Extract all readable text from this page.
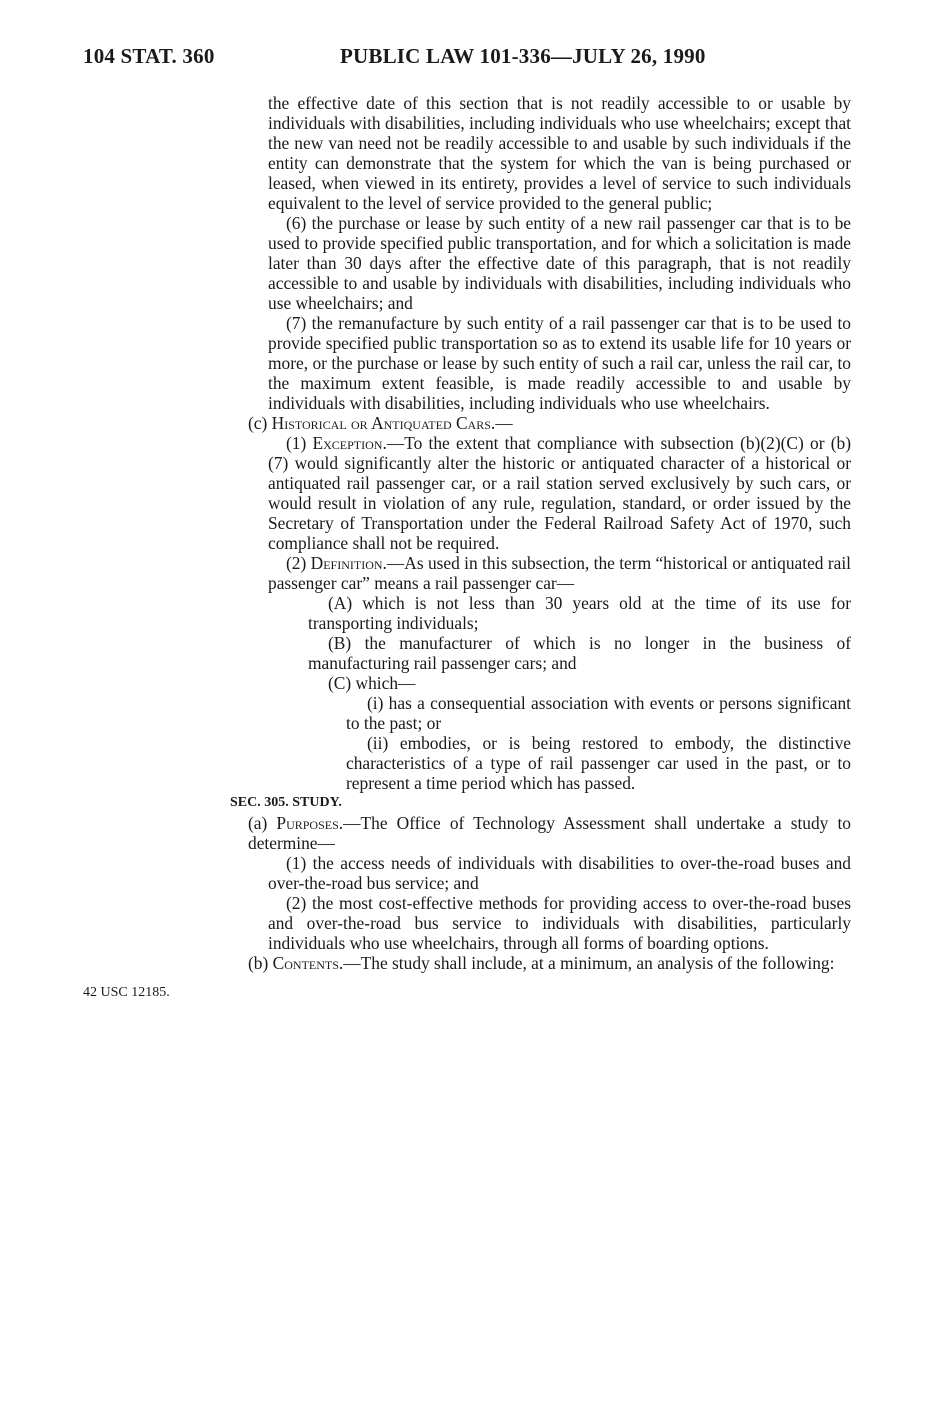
104 STAT. 360	PUBLIC LAW 101-336—JULY 26, 1990
42 USC 12185.

the effective date of this section that is not readily accessible to or usable by individuals with disabilities, including individuals who use wheelchairs; except that the new van need not be readily accessible to and usable by such individuals if the entity can demonstrate that the system for which the van is being purchased or leased, when viewed in its entirety, provides a level of service to such individuals equivalent to the level of service provided to the general public;

(6) the purchase or lease by such entity of a new rail passenger car that is to be used to provide specified public transportation, and for which a solicitation is made later than 30 days after the effective date of this paragraph, that is not readily accessible to and usable by individuals with disabilities, including individuals who use wheelchairs; and

(7) the remanufacture by such entity of a rail passenger car that is to be used to provide specified public transportation so as to extend its usable life for 10 years or more, or the purchase or lease by such entity of such a rail car, unless the rail car, to the maximum extent feasible, is made readily accessible to and usable by individuals with disabilities, including individuals who use wheelchairs.

(c) Historical or Antiquated Cars.—

(1) Exception.—To the extent that compliance with subsection (b)(2)(C) or (b)(7) would significantly alter the historic or antiquated character of a historical or antiquated rail passenger car, or a rail station served exclusively by such cars, or would result in violation of any rule, regulation, standard, or order issued by the Secretary of Transportation under the Federal Railroad Safety Act of 1970, such compliance shall not be required.

(2) Definition.—As used in this subsection, the term “historical or antiquated rail passenger car” means a rail passenger car—

(A) which is not less than 30 years old at the time of its use for transporting individuals;

(B) the manufacturer of which is no longer in the business of manufacturing rail passenger cars; and

(C) which—

(i) has a consequential association with events or persons significant to the past; or

(ii) embodies, or is being restored to embody, the distinctive characteristics of a type of rail passenger car used in the past, or to represent a time period which has passed.

SEC. 305. STUDY.

(a) Purposes.—The Office of Technology Assessment shall undertake a study to determine—

(1) the access needs of individuals with disabilities to over-the-road buses and over-the-road bus service; and

(2) the most cost-effective methods for providing access to over-the-road buses and over-the-road bus service to individuals with disabilities, particularly individuals who use wheelchairs, through all forms of boarding options.

(b) Contents.—The study shall include, at a minimum, an analysis of the following:
